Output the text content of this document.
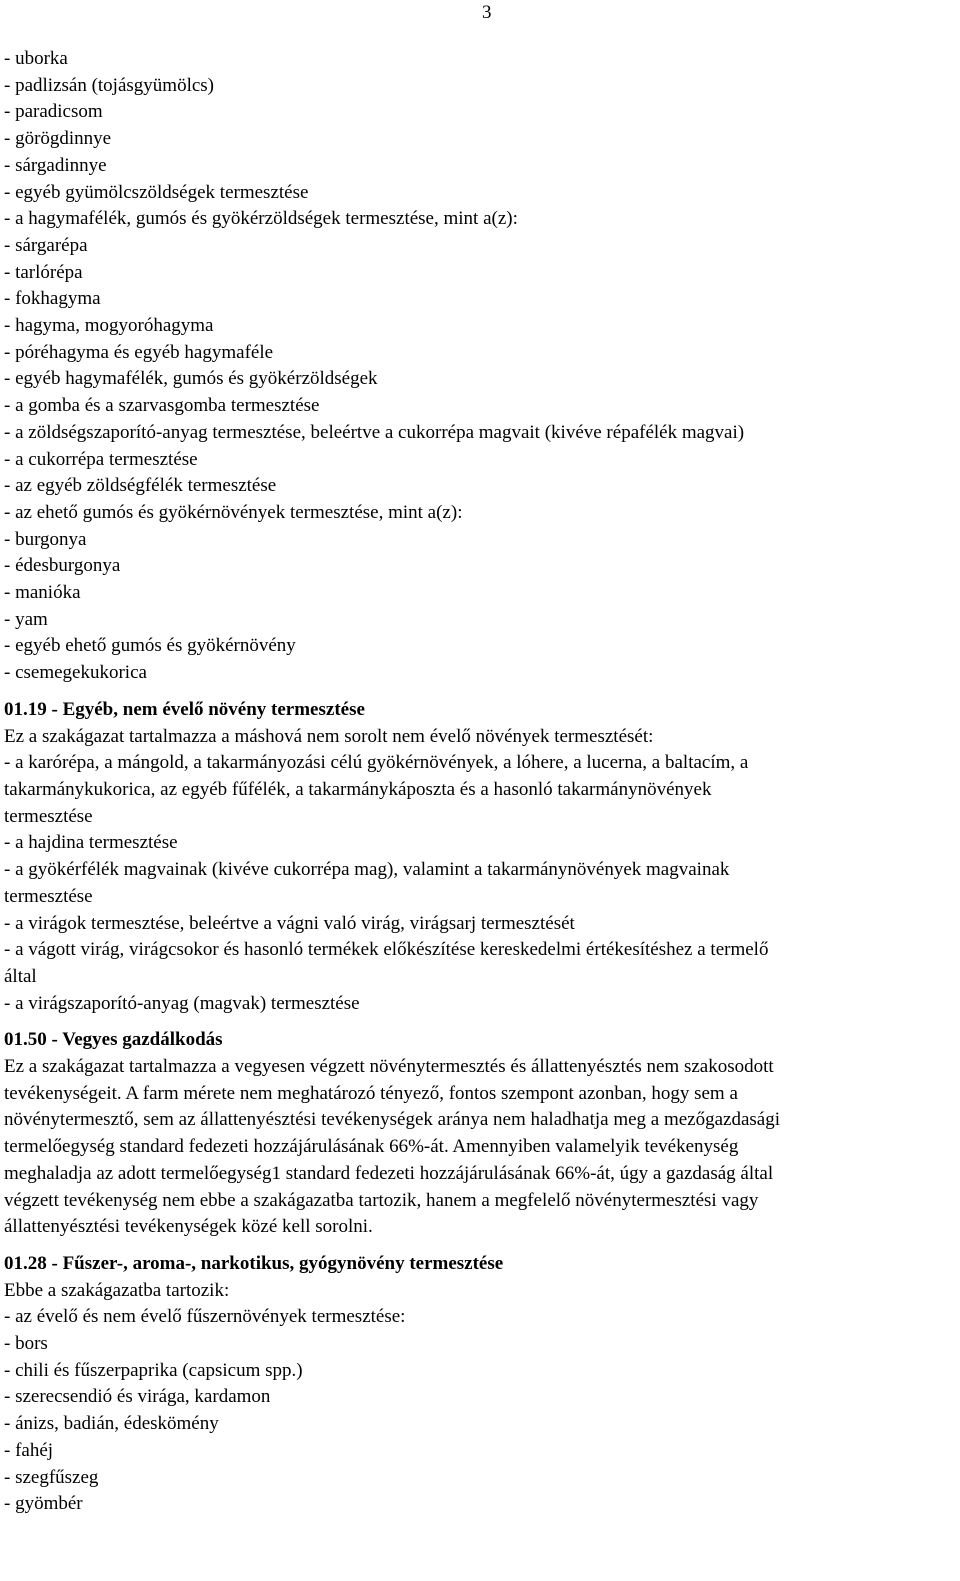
3
- uborka
- padlizsán (tojásgyümölcs)
- paradicsom
- görögdinnye
- sárgadinnye
- egyéb gyümölcszöldségek termesztése
- a hagymafélék, gumós és gyökérzöldségek termesztése, mint a(z):
- sárgarépa
- tarlórépa
- fokhagyma
- hagyma, mogyoróhagyma
- póréhagyma és egyéb hagymaféle
- egyéb hagymafélék, gumós és gyökérzöldségek
- a gomba és a szarvasgomba termesztése
- a zöldségszaporító-anyag termesztése, beleértve a cukorrépa magvait (kivéve répafélék magvai)
- a cukorrépa termesztése
- az egyéb zöldségfélék termesztése
- az ehető gumós és gyökérnövények termesztése, mint a(z):
- burgonya
- édesburgonya
- manióka
- yam
- egyéb ehető gumós és gyökérnövény
- csemegekukorica
01.19 - Egyéb, nem évelő növény termesztése
Ez a szakágazat tartalmazza a máshová nem sorolt nem évelő növények termesztését:
- a karórépa, a mángold, a takarmányozási célú gyökérnövények, a lóhere, a lucerna, a baltacím, a
takarmánykukorica, az egyéb fűfélék, a takarmánykáposzta és a hasonló takarmánynövények
termesztése
- a hajdina termesztése
- a gyökérfélék magvainak (kivéve cukorrépa mag), valamint a takarmánynövények magvainak
termesztése
- a virágok termesztése, beleértve a vágni való virág, virágsarj termesztését
- a vágott virág, virágcsokor és hasonló termékek előkészítése kereskedelmi értékesítéshez a termelő
által
- a virágszaporító-anyag (magvak) termesztése
01.50 - Vegyes gazdálkodás
Ez a szakágazat tartalmazza a vegyesen végzett növénytermesztés és állattenyésztés nem szakosodott
tevékenységeit. A farm mérete nem meghatározó tényező, fontos szempont azonban, hogy sem a
növénytermesztő, sem az állattenyésztési tevékenységek aránya nem haladhatja meg a mezőgazdasági
termelőegység standard fedezeti hozzájárulásának 66%-át. Amennyiben valamelyik tevékenység
meghaladja az adott termelőegység1 standard fedezeti hozzájárulásának 66%-át, úgy a gazdaság által
végzett tevékenység nem ebbe a szakágazatba tartozik, hanem a megfelelő növénytermesztési vagy
állattenyésztési tevékenységek közé kell sorolni.
01.28 - Fűszer-, aroma-, narkotikus, gyógynövény termesztése
Ebbe a szakágazatba tartozik:
- az évelő és nem évelő fűszernövények termesztése:
- bors
- chili és fűszerpaprika (capsicum spp.)
- szerecsendió és virága, kardamon
- ánizs, badián, édeskömény
- fahéj
- szegfűszeg
- gyömbér
